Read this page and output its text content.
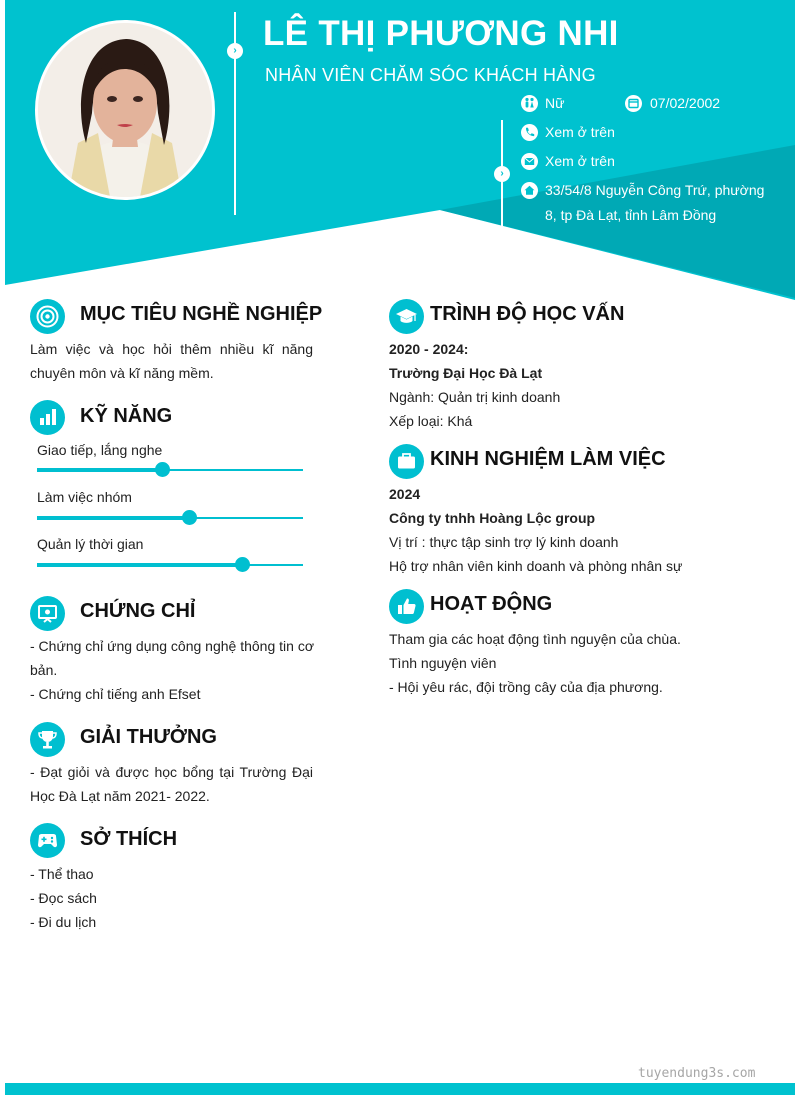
› LÊ THỊ PHƯƠNG NHI
NHÂN VIÊN CHĂM SÓC KHÁCH HÀNG
›
Nữ	07/02/2002
Xem ở trên
Xem ở trên
33/54/8 Nguyễn Công Trứ, phường
8, tp Đà Lạt, tỉnh Lâm Đồng
MỤC TIÊU NGHỀ NGHIỆP
Làm việc và học hỏi thêm nhiều kĩ năng chuyên môn và kĩ năng mềm.
KỸ NĂNG
Giao tiếp, lắng nghe
Làm việc nhóm
Quản lý thời gian
CHỨNG CHỈ
- Chứng chỉ ứng dụng công nghệ thông tin cơ bản.
- Chứng chỉ tiếng anh Efset
GIẢI THƯỞNG
- Đạt giỏi và được học bổng tại Trường Đại Học Đà Lạt năm 2021- 2022.
SỞ THÍCH
- Thể thao
- Đọc sách
- Đi du lịch
TRÌNH ĐỘ HỌC VẤN
2020 - 2024:
Trường Đại Học Đà Lạt
Ngành: Quản trị kinh doanh
Xếp loại: Khá
KINH NGHIỆM LÀM VIỆC
2024
Công ty tnhh Hoàng Lộc group
Vị trí : thực tập sinh trợ lý kinh doanh
Hộ trợ nhân viên kinh doanh và phòng nhân sự
HOẠT ĐỘNG
Tham gia các hoạt động tình nguyện của chùa.
Tình nguyện viên
- Hội yêu rác, đội trồng cây của địa phương.
tuyendung3s.com
